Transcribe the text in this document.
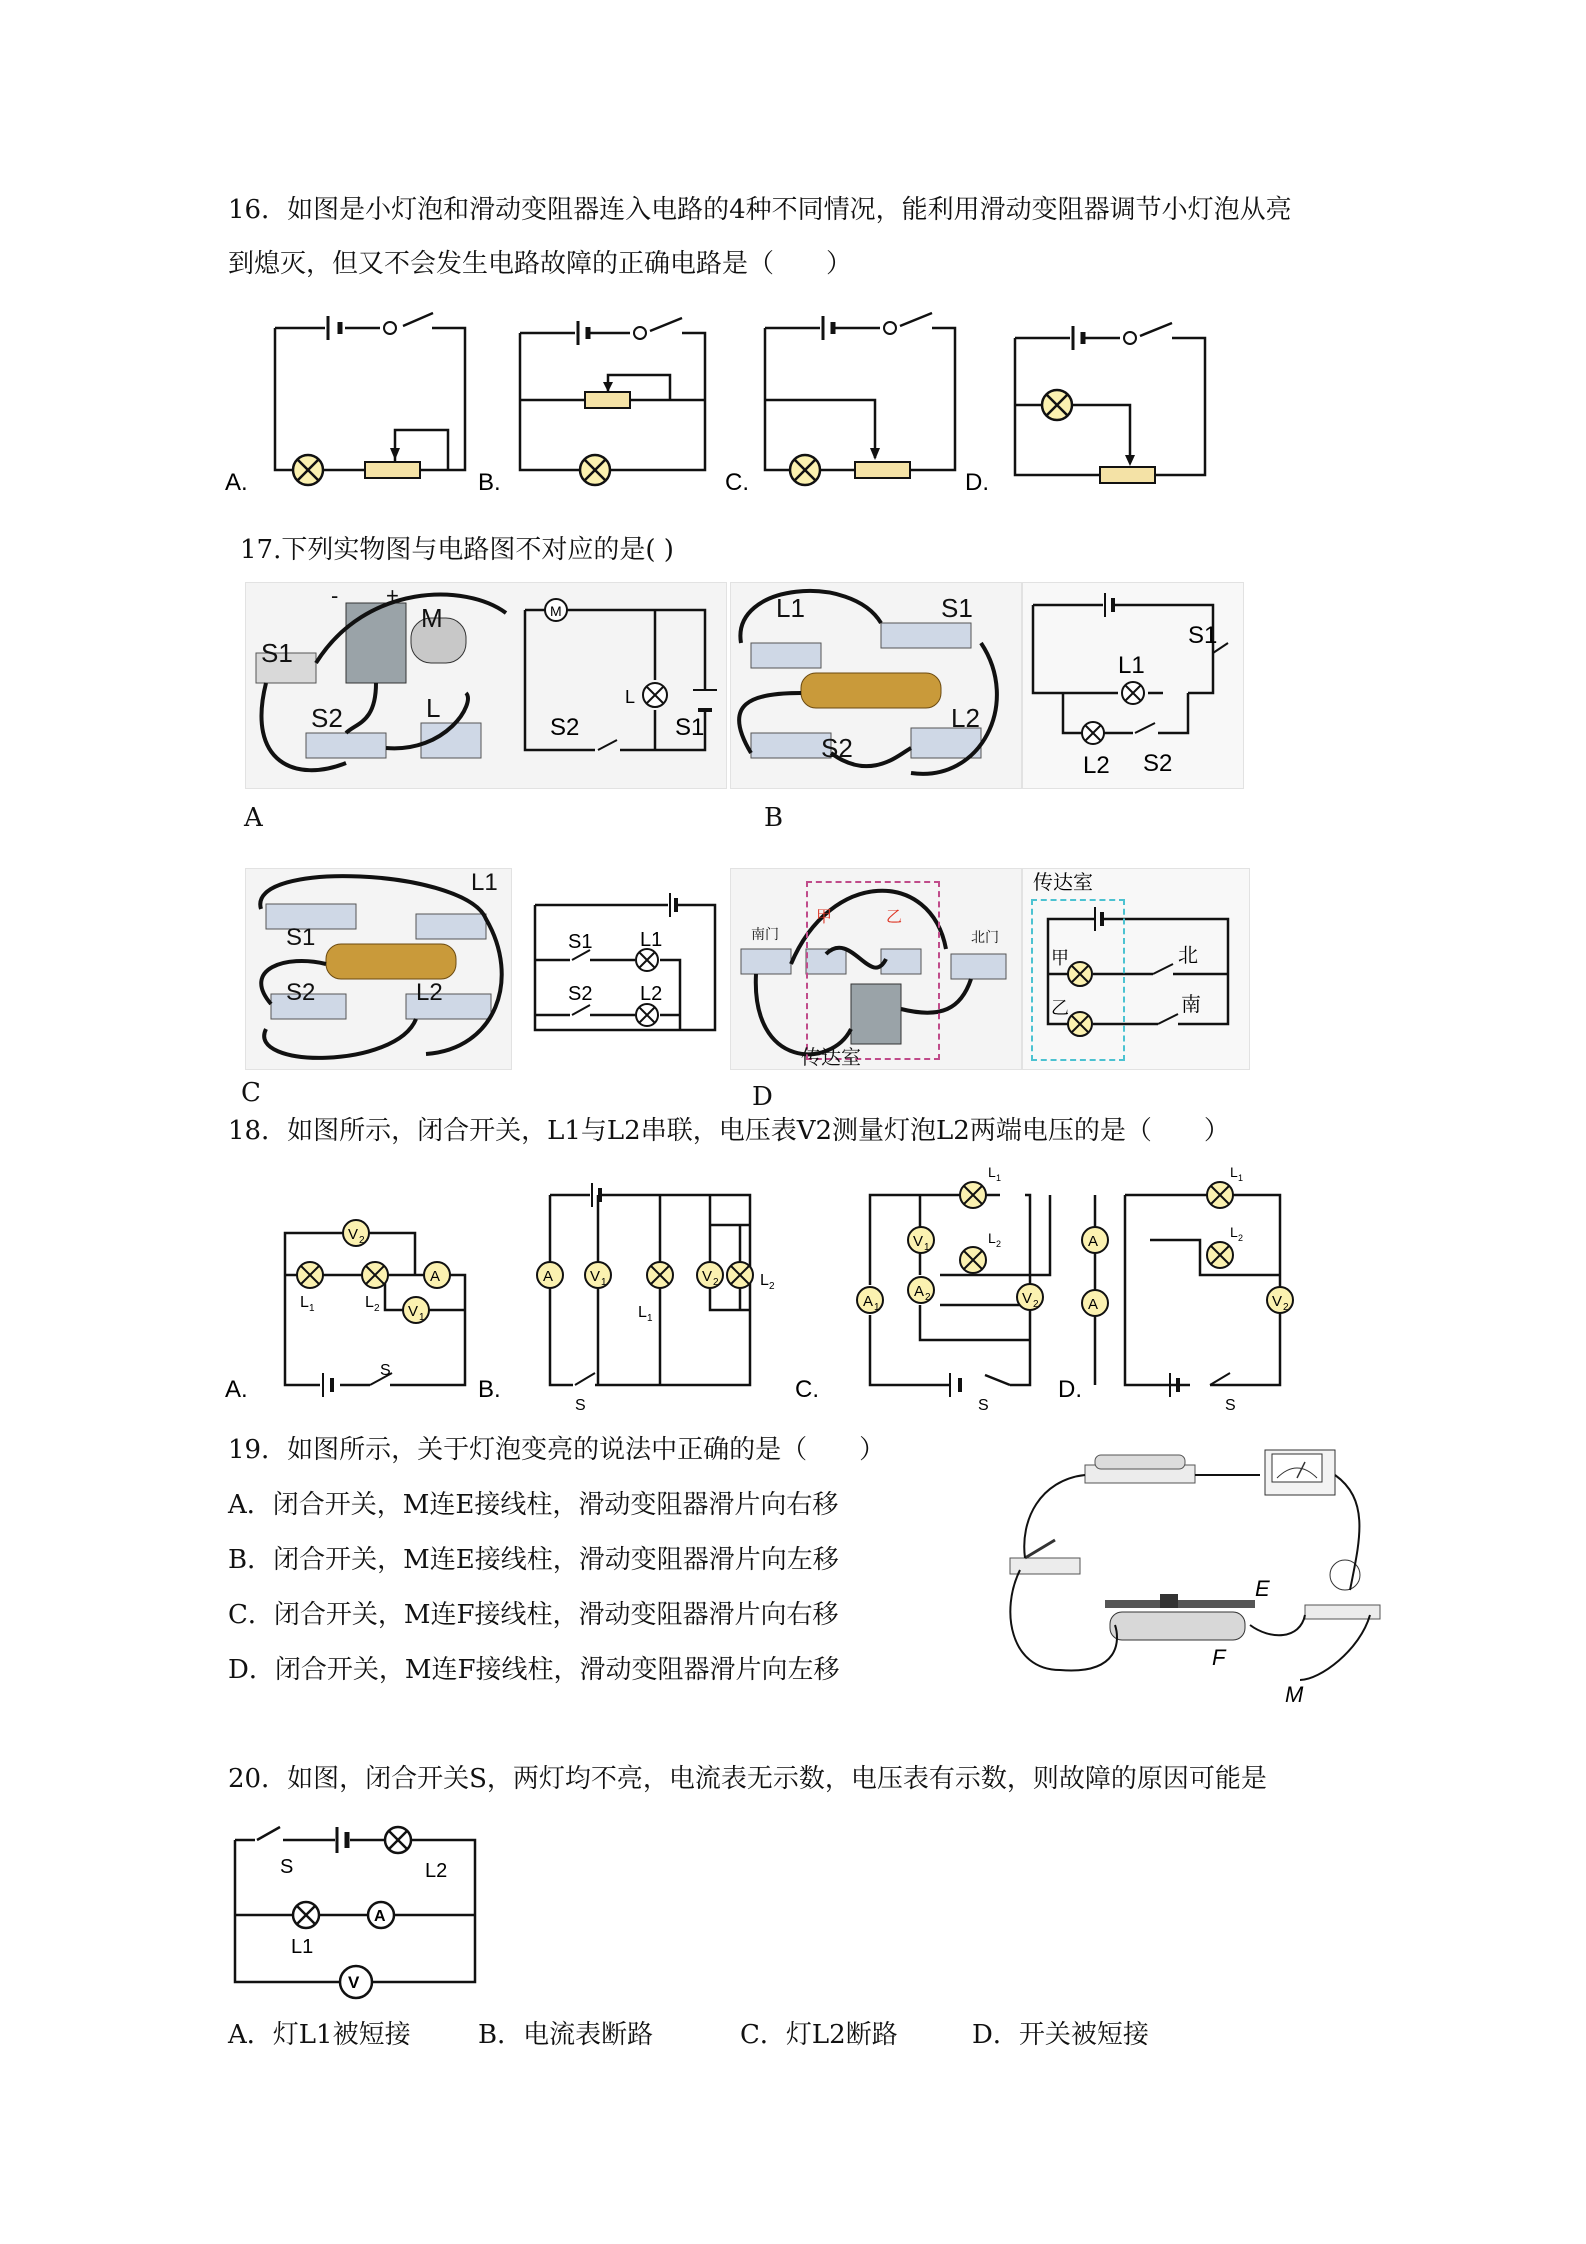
16．如图是小灯泡和滑动变阻器连入电路的4种不同情况，能利用滑动变阻器调节小灯泡从亮
到熄灭，但又不会发生电路故障的正确电路是（　　）
A.	B.	C.	D.
17.下列实物图与电路图不对应的是( )
S1
S2	L
M
- +
M
S2
L
S1
L1	S1
L2
S2
L1
S1
L2 S2
A	B
L1
S1
S2	L2
S1 L1
S2 L2
南门
甲	乙
北门
传达室
传达室
甲	北
乙	南
C	D
18．如图所示，闭合开关，L1与L2串联，电压表V2测量灯泡L2两端电压的是（　　）
V 2
A
V 1
L 1	L 2
S
A.
A V 1	V 2
L 1
L 2
S
B.
A 1
V 1
A 2	V 2
L 1
L 2
S
C.
A
A	V 2
L 1
L 2
S
D.
19．如图所示，关于灯泡变亮的说法中正确的是（　　）
A．闭合开关，M连E接线柱，滑动变阻器滑片向右移
B．闭合开关，M连E接线柱，滑动变阻器滑片向左移
C．闭合开关，M连F接线柱，滑动变阻器滑片向右移
D．闭合开关，M连F接线柱，滑动变阻器滑片向左移
E
F
M
20．如图，闭合开关S，两灯均不亮，电流表无示数，电压表有示数，则故障的原因可能是
A
V
S	L2
L1
A．灯L1被短接	B．电流表断路	C．灯L2断路	D．开关被短接
